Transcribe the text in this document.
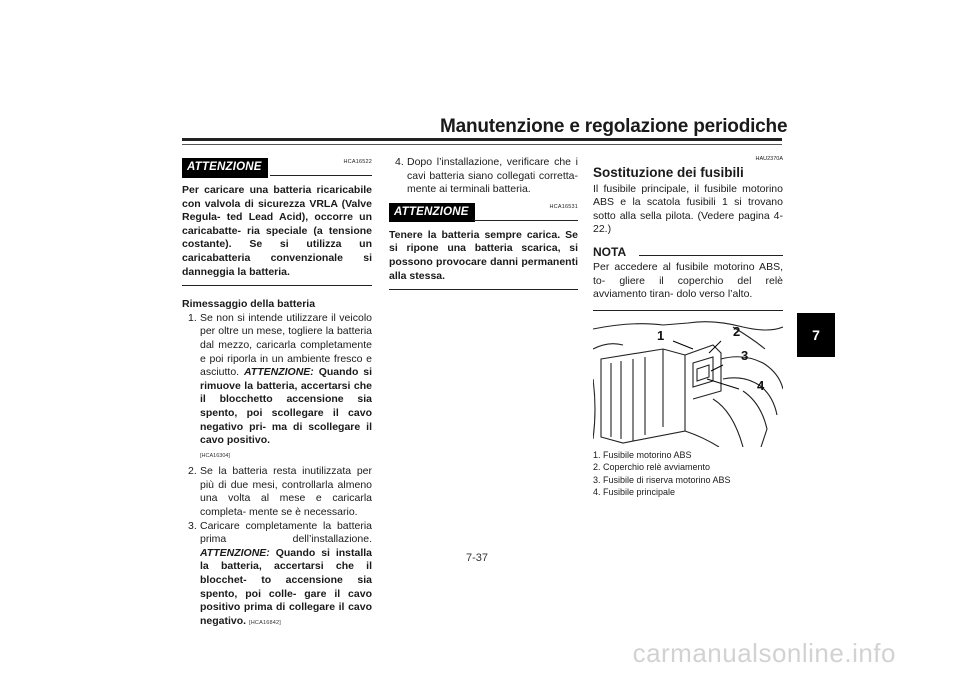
Manutenzione e regolazione periodiche
7
ATTENZIONE	HCA16522
Per caricare una batteria ricaricabile con valvola di sicurezza VRLA (Valve Regula- ted Lead Acid), occorre un caricabatte- ria speciale (a tensione costante). Se si utilizza un caricabatteria convenzionale si danneggia la batteria.
Rimessaggio della batteria
1. Se non si intende utilizzare il veicolo per oltre un mese, togliere la batteria dal mezzo, caricarla completamente e poi riporla in un ambiente fresco e asciutto. ATTENZIONE: Quando si rimuove la batteria, accertarsi che il blocchetto accensione sia spento, poi scollegare il cavo negativo pri- ma di scollegare il cavo positivo.
[HCA16304]
2. Se la batteria resta inutilizzata per più di due mesi, controllarla almeno una volta al mese e caricarla completa- mente se è necessario.
3. Caricare completamente la batteria prima dell’installazione. ATTENZIONE: Quando si installa la batteria, accertarsi che il blocchet- to accensione sia spento, poi colle- gare il cavo positivo prima di collegare il cavo negativo. [HCA16842]
4. Dopo l’installazione, verificare che i cavi batteria siano collegati corretta- mente ai terminali batteria.
ATTENZIONE	HCA16531
Tenere la batteria sempre carica. Se si ripone una batteria scarica, si possono provocare danni permanenti alla stessa.
HAU2370A
Sostituzione dei fusibili
Il fusibile principale, il fusibile motorino ABS e la scatola fusibili 1 si trovano sotto alla sella pilota. (Vedere pagina 4-22.)
NOTA
Per accedere al fusibile motorino ABS, to- gliere il coperchio del relè avviamento tiran- dolo verso l’alto.
1	2
3
4
1. Fusibile motorino ABS
2. Coperchio relè avviamento
3. Fusibile di riserva motorino ABS
4. Fusibile principale
7-37
carmanualsonline.info
